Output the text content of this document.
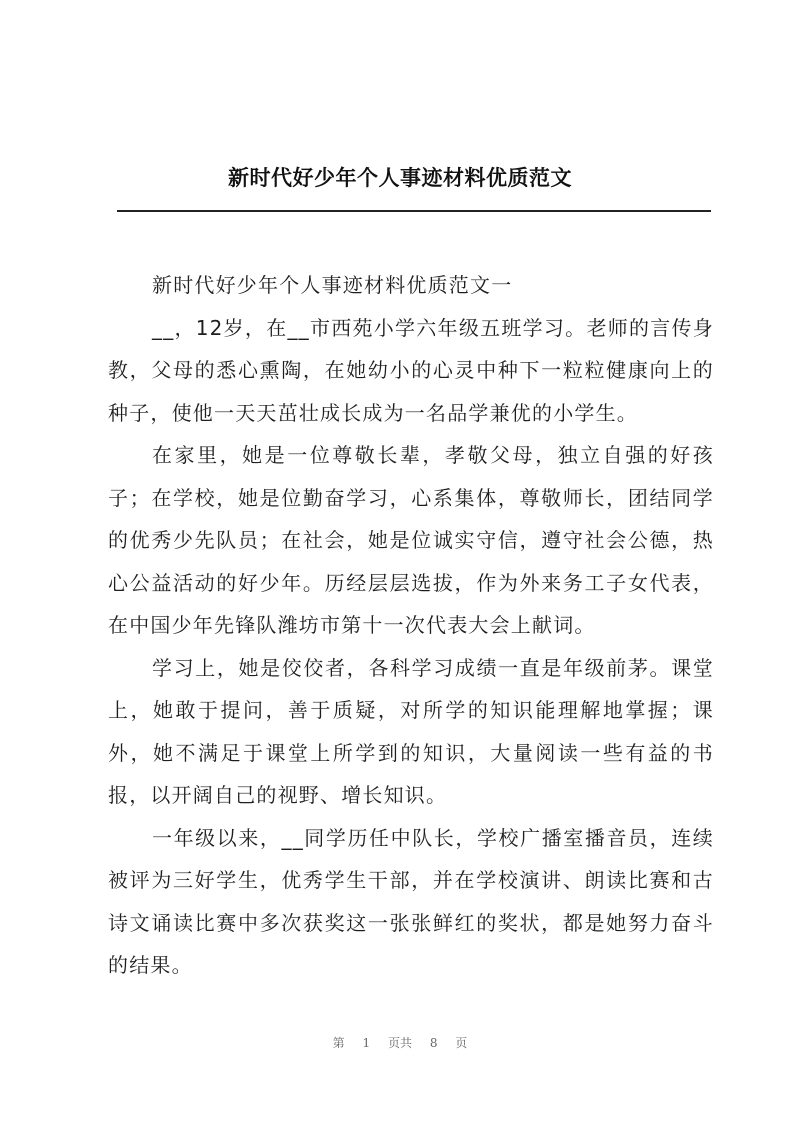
新时代好少年个人事迹材料优质范文

新时代好少年个人事迹材料优质范文一

__，12岁，在__市西苑小学六年级五班学习。老师的言传身教，父母的悉心熏陶，在她幼小的心灵中种下一粒粒健康向上的种子，使他一天天茁壮成长成为一名品学兼优的小学生。

在家里，她是一位尊敬长辈，孝敬父母，独立自强的好孩子；在学校，她是位勤奋学习，心系集体，尊敬师长，团结同学的优秀少先队员；在社会，她是位诚实守信，遵守社会公德，热心公益活动的好少年。历经层层选拔，作为外来务工子女代表，在中国少年先锋队潍坊市第十一次代表大会上献词。

学习上，她是佼佼者，各科学习成绩一直是年级前茅。课堂上，她敢于提问，善于质疑，对所学的知识能理解地掌握；课外，她不满足于课堂上所学到的知识，大量阅读一些有益的书报，以开阔自己的视野、增长知识。

一年级以来，__同学历任中队长，学校广播室播音员，连续被评为三好学生，优秀学生干部，并在学校演讲、朗读比赛和古诗文诵读比赛中多次获奖这一张张鲜红的奖状，都是她努力奋斗的结果。

第 1 页共 8 页
